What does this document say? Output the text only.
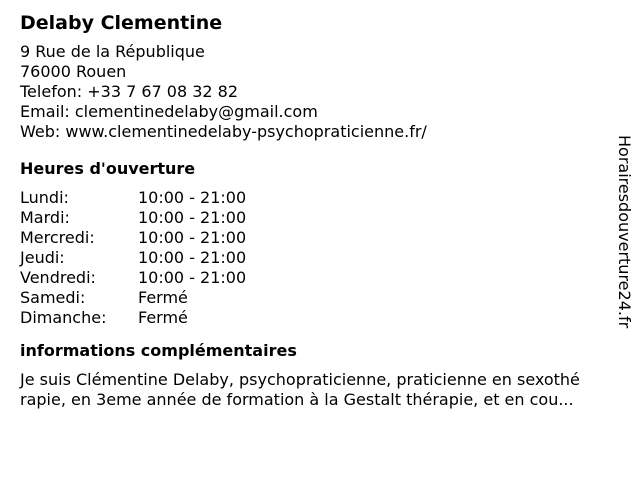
Delaby Clementine
9 Rue de la République
76000 Rouen
Telefon: +33 7 67 08 32 82
Email: clementinedelaby@gmail.com
Web: www.clementinedelaby-psychopraticienne.fr/
Heures d'ouverture
Lundi:	10:00 - 21:00
Mardi:	10:00 - 21:00
Mercredi:	10:00 - 21:00
Jeudi:	10:00 - 21:00
Vendredi:	10:00 - 21:00
Samedi:	Fermé
Dimanche:	Fermé
informations complémentaires
Je suis Clémentine Delaby, psychopraticienne, praticienne en sexothé
rapie, en 3eme année de formation à la Gestalt thérapie, et en cou...
Horairesdouverture24.fr
